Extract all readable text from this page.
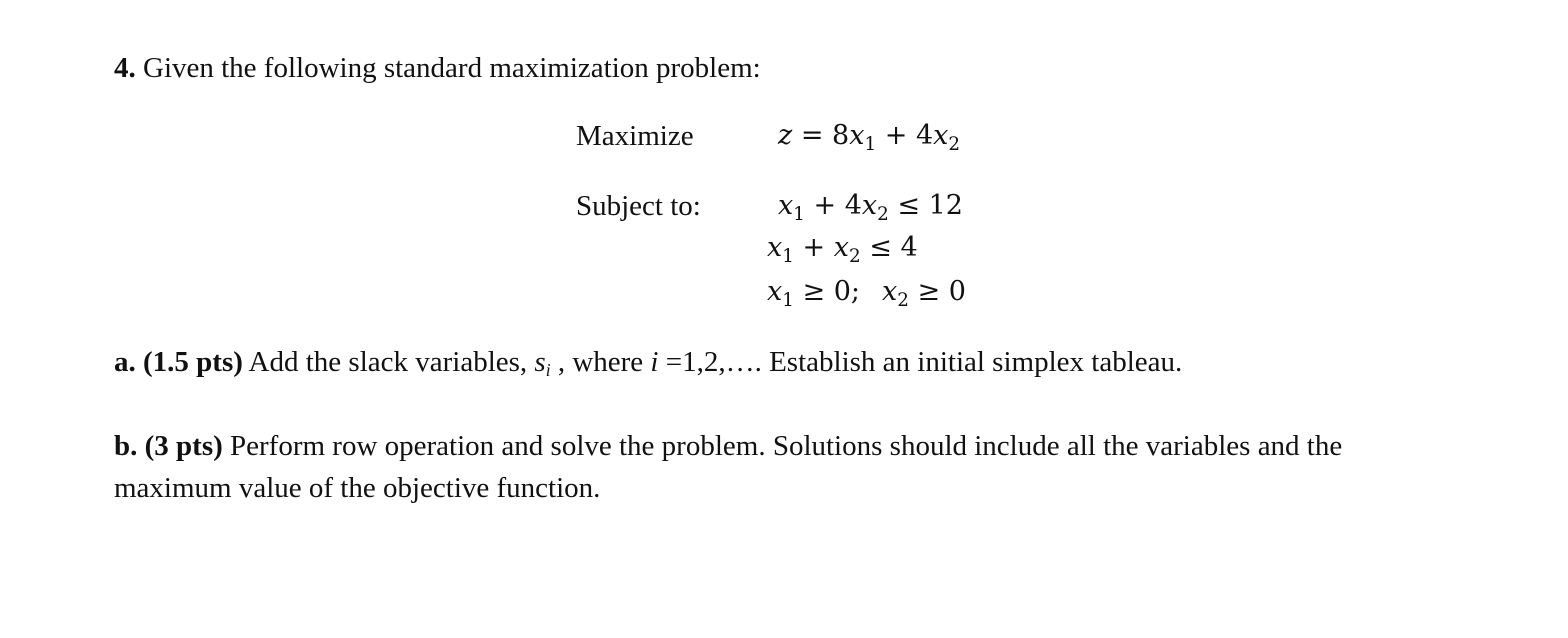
4. Given the following standard maximization problem:
Maximize
Subject to:
$z = 8x_1 + 4x_2$
$x_1 + 4x_2 \le 12$
$x_1 + x_2 \le 4$
$x_1 \ge 0$; $x_2 \ge 0$
a. (1.5 pts) Add the slack variables, $s_i$ , where i =1,2,…. Establish an initial simplex tableau.
b. (3 pts) Perform row operation and solve the problem. Solutions should include all the variables and the maximum value of the objective function.
